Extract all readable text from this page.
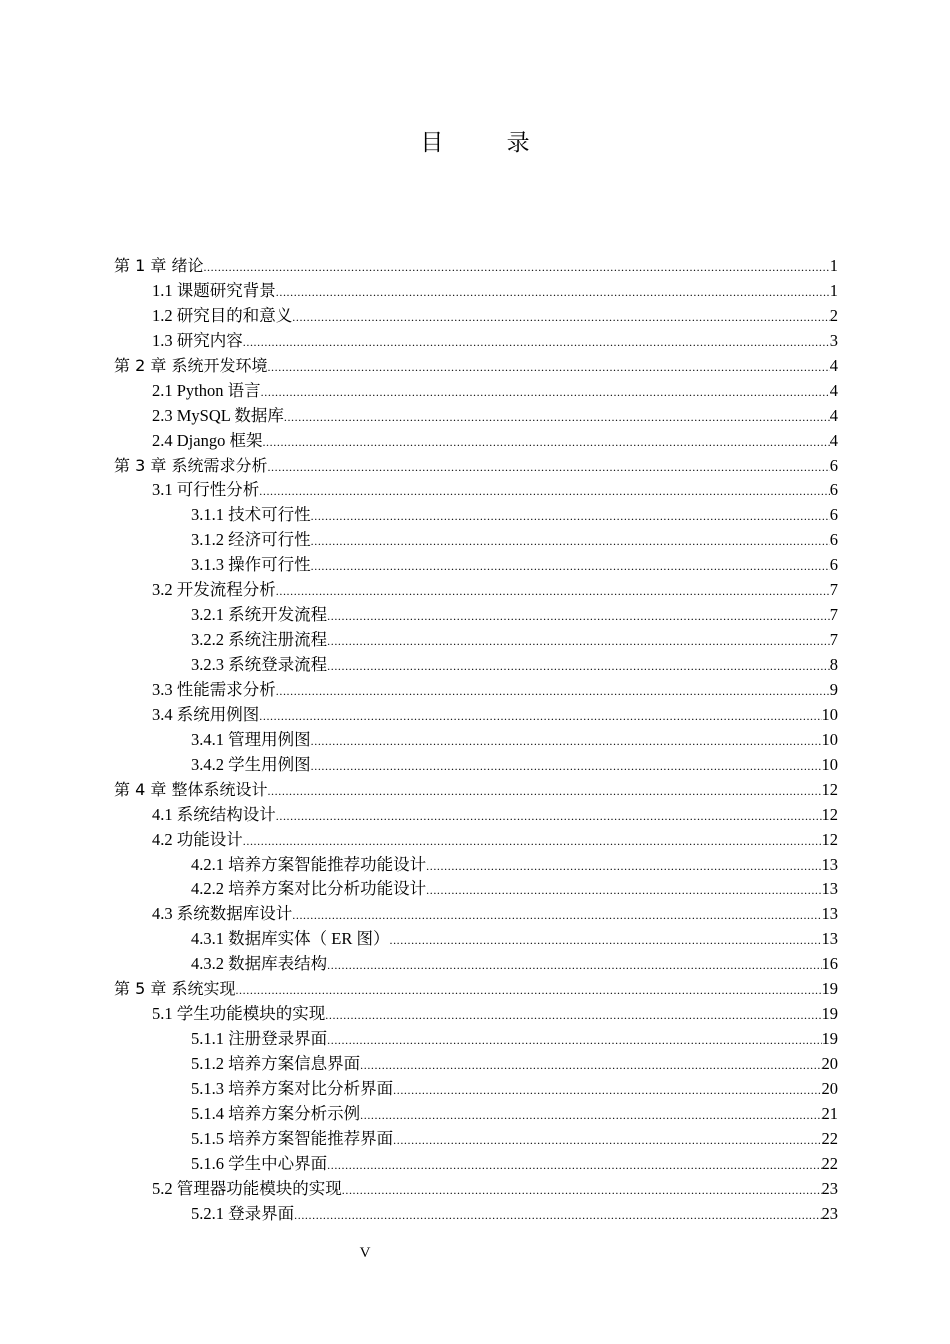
目 录
第 1 章 绪论 .....	1
1.1 课题研究背景 .....	1
1.2 研究目的和意义 .....	2
1.3 研究内容 .....	3
第 2 章 系统开发环境 .....	4
2.1 Python 语言 .....	4
2.3 MySQL 数据库 .....	4
2.4 Django 框架 .....	4
第 3 章 系统需求分析 .....	6
3.1 可行性分析 .....	6
3.1.1 技术可行性 .....	6
3.1.2 经济可行性 .....	6
3.1.3 操作可行性 .....	6
3.2 开发流程分析 .....	7
3.2.1 系统开发流程 .....	7
3.2.2 系统注册流程 .....	7
3.2.3 系统登录流程 .....	8
3.3 性能需求分析 .....	9
3.4 系统用例图 .....	10
3.4.1 管理用例图 .....	10
3.4.2 学生用例图 .....	10
第 4 章 整体系统设计 .....	12
4.1 系统结构设计 .....	12
4.2 功能设计 .....	12
4.2.1 培养方案智能推荐功能设计 .....	13
4.2.2 培养方案对比分析功能设计 .....	13
4.3 系统数据库设计 .....	13
4.3.1 数据库实体（ ER 图） .....	13
4.3.2 数据库表结构 .....	16
第 5 章 系统实现 .....	19
5.1 学生功能模块的实现 .....	19
5.1.1 注册登录界面 .....	19
5.1.2 培养方案信息界面 .....	20
5.1.3 培养方案对比分析界面 .....	20
5.1.4 培养方案分析示例 .....	21
5.1.5 培养方案智能推荐界面 .....	22
5.1.6 学生中心界面 .....	22
5.2 管理器功能模块的实现 .....	23
5.2.1 登录界面 .....	23
V
